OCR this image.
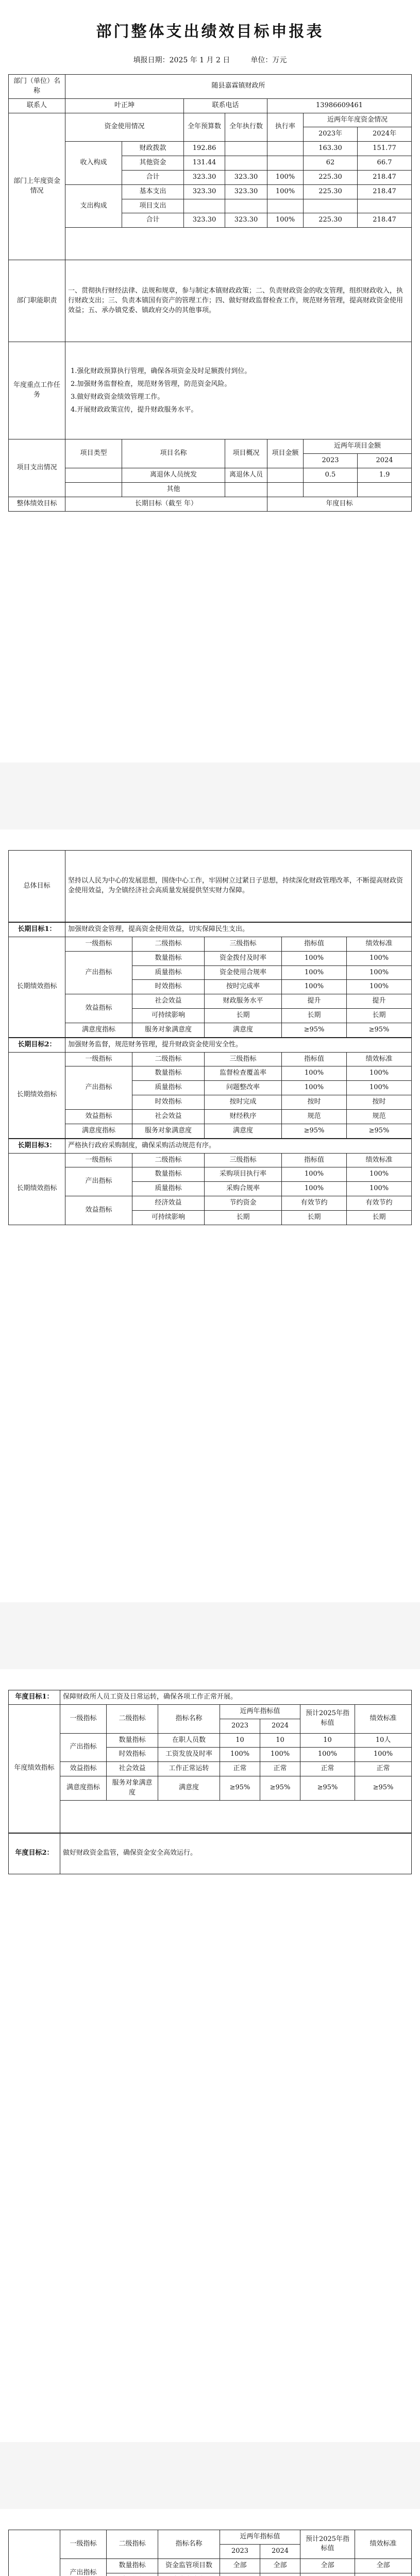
部门整体支出绩效目标申报表
填报日期：2025 年 1 月 2 日	单位：万元
部门（单位）名称	随县嘉霖镇财政所						
联系人	叶正坤		联系电话		13986609461		
部门上年度资金情况	资金使用情况		全年预算数	全年执行数	执行率	近两年年度资金情况	
						2023年	2024年
	收入构成	财政拨款	192.86			163.30	151.77
		其他资金	131.44			62	66.7
		合计	323.30	323.30	100%	225.30	218.47
	支出构成	基本支出	323.30	323.30	100%	225.30	218.47
		项目支出					
		合计	323.30	323.30	100%	225.30	218.47

部门职能职责	一、贯彻执行财经法律、法规和规章，参与制定本镇财政政策；二、负责财政资金的收支管理，组织财政收入，执行财政支出；三、负责本镇国有资产的管理工作；四、做好财政监督检查工作，规范财务管理，提高财政资金使用效益；五、承办镇党委、镇政府交办的其他事项。						
年度重点工作任务	1.强化财政预算执行管理，确保各项资金及时足额拨付到位。
2.加强财务监督检查，规范财务管理，防范资金风险。
3.做好财政资金绩效管理工作。
4.开展财政政策宣传，提升财政服务水平。						

项目支出情况	项目类型	项目名称		项目概况	项目金额	近两年项目金额	
						2023	2024
		离退休人员统发		离退休人员		0.5	1.9
		其他					
整体绩效目标	长期目标（截至 年）				年度目标		
总体目标	坚持以人民为中心的发展思想，围绕中心工作，牢固树立过紧日子思想，持续深化财政管理改革，不断提高财政资金使用效益，为全镇经济社会高质量发展提供坚实财力保障。
长期目标1：	加强财政资金管理，提高资金使用效益，切实保障民生支出。				
长期绩效指标	一级指标	二级指标	三级指标	指标值	绩效标准
	产出指标	数量指标	资金拨付及时率	100%	100%
		质量指标	资金使用合规率	100%	100%
		时效指标	按时完成率	100%	100%
	效益指标	社会效益	财政服务水平	提升	提升
		可持续影响	长期	长期	长期
	满意度指标	服务对象满意度	满意度	≥95%	≥95%
长期目标2：	加强财务监督，规范财务管理，提升财政资金使用安全性。				
长期绩效指标	一级指标	二级指标	三级指标	指标值	绩效标准
	产出指标	数量指标	监督检查覆盖率	100%	100%
		质量指标	问题整改率	100%	100%
		时效指标	按时完成	按时	按时
	效益指标	社会效益	财经秩序	规范	规范
	满意度指标	服务对象满意度	满意度	≥95%	≥95%
长期目标3：	严格执行政府采购制度，确保采购活动规范有序。				
长期绩效指标	一级指标	二级指标	三级指标	指标值	绩效标准
	产出指标	数量指标	采购项目执行率	100%	100%
		质量指标	采购合规率	100%	100%
	效益指标	经济效益	节约资金	有效节约	有效节约
		可持续影响	长期	长期	长期
年度目标1：	保障财政所人员工资及日常运转，确保各项工作正常开展。						
年度绩效指标	一级指标	二级指标	指标名称	近两年指标值		预计2025年指标值	绩效标准
				2023	2024		
	产出指标	数量指标	在职人员数	10	10	10	10人
		时效指标	工资发放及时率	100%	100%	100%	100%
	效益指标	社会效益	工作正常运转	正常	正常	正常	正常
	满意度指标	服务对象满意度	满意度	≥95%	≥95%	≥95%	≥95%

年度目标2：	做好财政资金监管，确保资金安全高效运行。
	一级指标	二级指标	指标名称	近两年指标值		预计2025年指标值	绩效标准
				2023	2024		
	产出指标	数量指标	资金监管项目数	全部	全部	全部	全部
